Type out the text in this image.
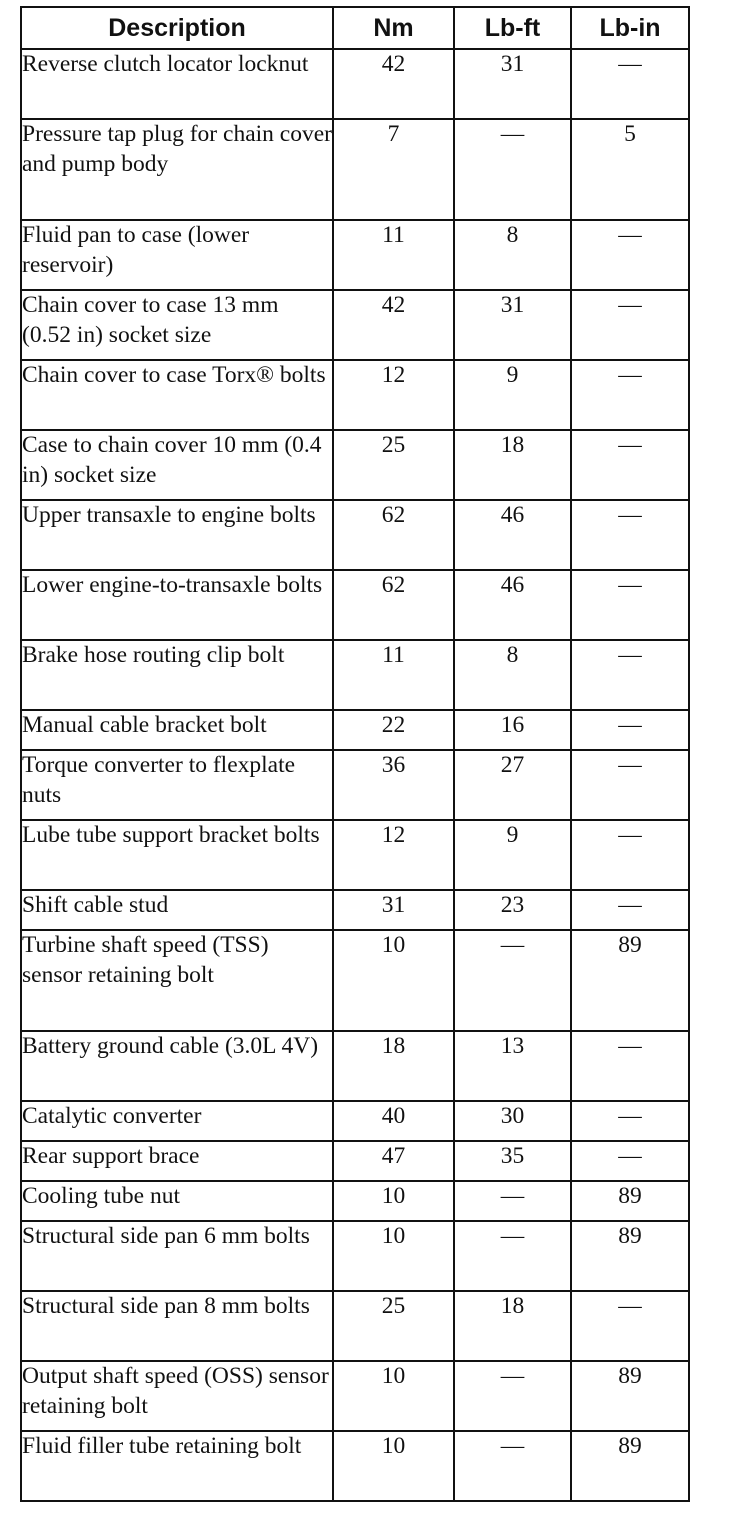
Description	Nm	Lb-ft	Lb-in
Reverse clutch locator locknut	42	31	—
Pressure tap plug for chain cover and pump body	7	—	5
Fluid pan to case (lower reservoir)	11	8	—
Chain cover to case 13 mm (0.52 in) socket size	42	31	—
Chain cover to case Torx® bolts	12	9	—
Case to chain cover 10 mm (0.4 in) socket size	25	18	—
Upper transaxle to engine bolts	62	46	—
Lower engine-to-transaxle bolts	62	46	—
Brake hose routing clip bolt	11	8	—
Manual cable bracket bolt	22	16	—
Torque converter to flexplate nuts	36	27	—
Lube tube support bracket bolts	12	9	—
Shift cable stud	31	23	—
Turbine shaft speed (TSS) sensor retaining bolt	10	—	89
Battery ground cable (3.0L 4V)	18	13	—
Catalytic converter	40	30	—
Rear support brace	47	35	—
Cooling tube nut	10	—	89
Structural side pan 6 mm bolts	10	—	89
Structural side pan 8 mm bolts	25	18	—
Output shaft speed (OSS) sensor retaining bolt	10	—	89
Fluid filler tube retaining bolt	10	—	89
